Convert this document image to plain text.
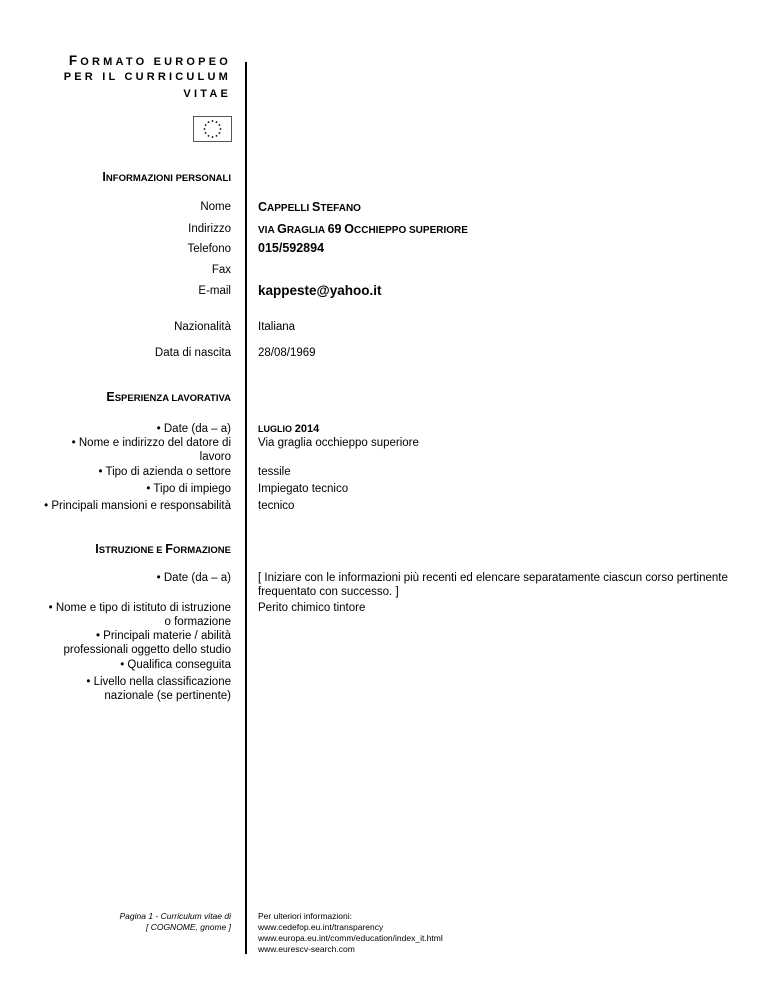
FORMATO EUROPEO
PER IL CURRICULUM
VITAE
INFORMAZIONI PERSONALI
Nome CAPPELLI STEFANO
Indirizzo	VIA GRAGLIA 69 OCCHIEPPO SUPERIORE
Telefono 015/592894
Fax
E-mail kappeste@yahoo.it
Nazionalità Italiana
Data di nascita 28/08/1969
ESPERIENZA LAVORATIVA
• Date (da – a)	LUGLIO 2014
• Nome e indirizzo del datore di
lavoro
Via graglia occhieppo superiore
• Tipo di azienda o settore tessile
• Tipo di impiego Impiegato tecnico
• Principali mansioni e responsabilità tecnico
ISTRUZIONE E FORMAZIONE
• Date (da – a) [ Iniziare con le informazioni più recenti ed elencare separatamente ciascun corso pertinente
frequentato con successo. ]
• Nome e tipo di istituto di istruzione
o formazione
Perito chimico tintore
• Principali materie / abilità
professionali oggetto dello studio
• Qualifica conseguita
• Livello nella classificazione
nazionale (se pertinente)
Pagina 1 - Curriculum vitae di
[ COGNOME, gnome ]
Per ulteriori informazioni:
www.cedefop.eu.int/transparency
www.europa.eu.int/comm/education/index_it.html
www.eurescv-search.com
